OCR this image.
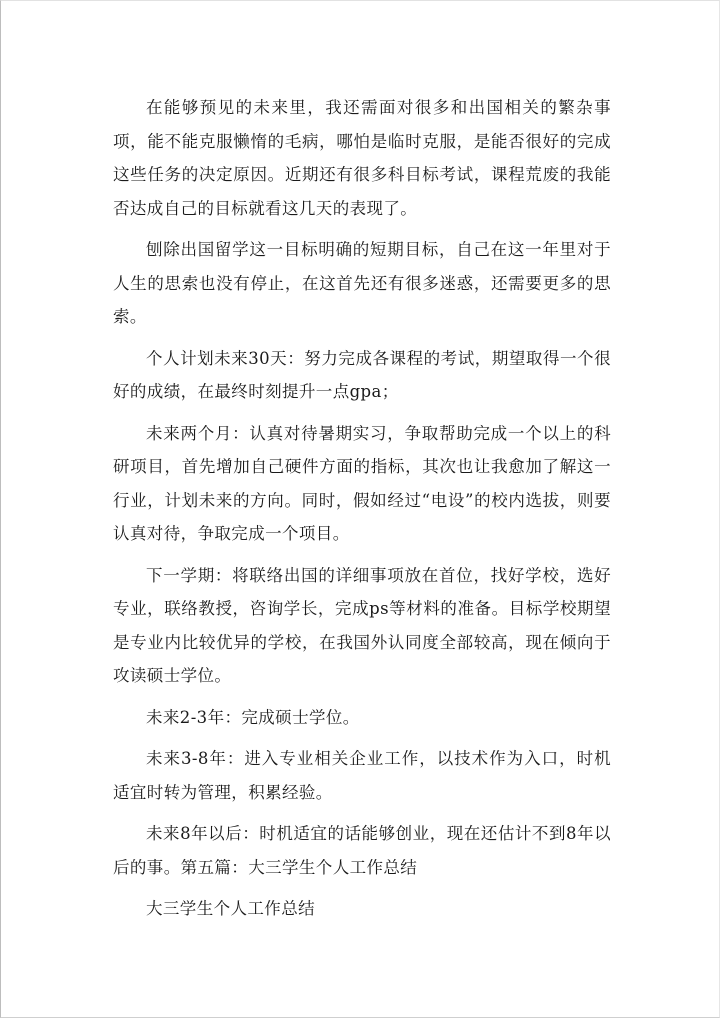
在能够预见的未来里，我还需面对很多和出国相关的繁杂事项，能不能克服懒惰的毛病，哪怕是临时克服，是能否很好的完成这些任务的决定原因。近期还有很多科目标考试，课程荒废的我能否达成自己的目标就看这几天的表现了。

刨除出国留学这一目标明确的短期目标，自己在这一年里对于人生的思索也没有停止，在这首先还有很多迷惑，还需要更多的思索。

个人计划未来30天：努力完成各课程的考试，期望取得一个很好的成绩，在最终时刻提升一点gpa；

未来两个月：认真对待暑期实习，争取帮助完成一个以上的科研项目，首先增加自己硬件方面的指标，其次也让我愈加了解这一行业，计划未来的方向。同时，假如经过“电设”的校内选拔，则要认真对待，争取完成一个项目。

下一学期：将联络出国的详细事项放在首位，找好学校，选好专业，联络教授，咨询学长，完成ps等材料的准备。目标学校期望是专业内比较优异的学校，在我国外认同度全部较高，现在倾向于攻读硕士学位。

未来2-3年：完成硕士学位。

未来3-8年：进入专业相关企业工作，以技术作为入口，时机适宜时转为管理，积累经验。

未来8年以后：时机适宜的话能够创业，现在还估计不到8年以后的事。第五篇：大三学生个人工作总结

大三学生个人工作总结
